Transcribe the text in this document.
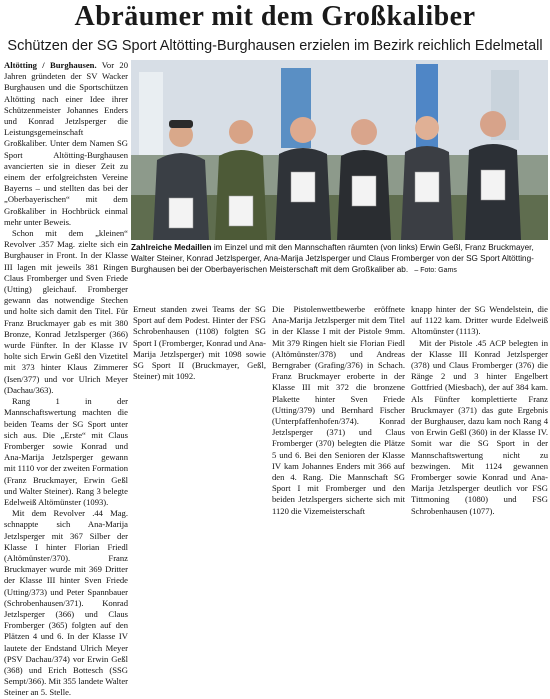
Abräumer mit dem Großkaliber
Schützen der SG Sport Altötting-Burghausen erzielen im Bezirk reichlich Edelmetall

Altötting / Burghausen. Vor 20 Jahren gründeten der SV Wacker Burghausen und die Sportschützen Altötting nach einer Idee ihrer Schützenmeister Johannes Enders und Konrad Jetzlsperger die Leistungsgemeinschaft Großkaliber. Unter dem Namen SG Sport Altötting-Burghausen avancierten sie in dieser Zeit zu einem der erfolgreichsten Vereine Bayerns – und stellten das bei der „Oberbayerischen“ mit dem Großkaliber in Hochbrück einmal mehr unter Beweis.

Schon mit dem „kleinen“ Revolver .357 Mag. zielte sich ein Burghauser in Front. In der Klasse III lagen mit jeweils 381 Ringen Claus Fromberger und Sven Friede (Utting) gleichauf. Fromberger gewann das notwendige Stechen und holte sich damit den Titel. Für Franz Bruckmayer gab es mit 380 Bronze, Konrad Jetzlsperger (366) wurde Fünfter. In der Klasse IV holte sich Erwin Geßl den Vizetitel mit 373 hinter Klaus Zimmerer (Isen/377) und vor Ulrich Meyer (Dachau/363).

Rang 1 in der Mannschaftswertung machten die beiden Teams der SG Sport unter sich aus. Die „Erste“ mit Claus Fromberger sowie Konrad und Ana-Marija Jetzlsperger gewann mit 1110 vor der zweiten Formation (Franz Bruckmayer, Erwin Geßl und Walter Steiner). Rang 3 belegte Edelweiß Altömünster (1093).

Mit dem Revolver .44 Mag. schnappte sich Ana-Marija Jetzlsperger mit 367 Silber der Klasse I hinter Florian Friedl (Altömünster/370). Franz Bruckmayer wurde mit 369 Dritter der Klasse III hinter Sven Friede (Utting/373) und Peter Spannbauer (Schrobenhausen/371). Konrad Jetzlsperger (366) und Claus Fromberger (365) folgten auf den Plätzen 4 und 6. In der Klasse IV lautete der Endstand Ulrich Meyer (PSV Dachau/374) vor Erwin Geßl (368) und Erich Bottesch (SSG Sempt/366). Mit 355 landete Walter Steiner an 5. Stelle.

Zahlreiche Medaillen im Einzel und mit den Mannschaften räumten (von links) Erwin Geßl, Franz Bruckmayer, Walter Steiner, Konrad Jetzlsperger, Ana-Marija Jetzlsperger und Claus Fromberger von der SG Sport Altötting-Burghausen bei der Oberbayerischen Meisterschaft mit dem Großkaliber ab. – Foto: Gams

Erneut standen zwei Teams der SG Sport auf dem Podest. Hinter der FSG Schrobenhausen (1108) folgten SG Sport I (Fromberger, Konrad und Ana-Marija Jetzlsperger) mit 1098 sowie SG Sport II (Bruckmayer, Geßl, Steiner) mit 1092.

Die Pistolenwettbewerbe eröffnete Ana-Marija Jetzlsperger mit dem Titel in der Klasse I mit der Pistole 9mm. Mit 379 Ringen hielt sie Florian Fiedl (Altömünster/378) und Andreas Berngraber (Grafing/376) in Schach. Franz Bruckmayer eroberte in der Klasse III mit 372 die bronzene Plakette hinter Sven Friede (Utting/379) und Bernhard Fischer (Unterpfaffenhofen/374). Konrad Jetzlsperger (371) und Claus Fromberger (370) belegten die Plätze 5 und 6. Bei den Senioren der Klasse IV kam Johannes Enders mit 366 auf den 4. Rang. Die Mannschaft SG Sport I mit Fromberger und den beiden Jetzlspergers sicherte sich mit 1120 die Vizemeisterschaft

knapp hinter der SG Wendelstein, die auf 1122 kam. Dritter wurde Edelweiß Altomünster (1113).

Mit der Pistole .45 ACP belegten in der Klasse III Konrad Jetzlsperger (378) und Claus Fromberger (376) die Ränge 2 und 3 hinter Engelbert Gottfried (Miesbach), der auf 384 kam. Als Fünfter komplettierte Franz Bruckmayer (371) das gute Ergebnis der Burghauser, dazu kam noch Rang 4 von Erwin Geßl (360) in der Klasse IV. Somit war die SG Sport in der Mannschaftswertung nicht zu bezwingen. Mit 1124 gewannen Fromberger sowie Konrad und Ana-Marija Jetzlsperger deutlich vor FSG Tittmoning (1080) und FSG Schrobenhausen (1077).
